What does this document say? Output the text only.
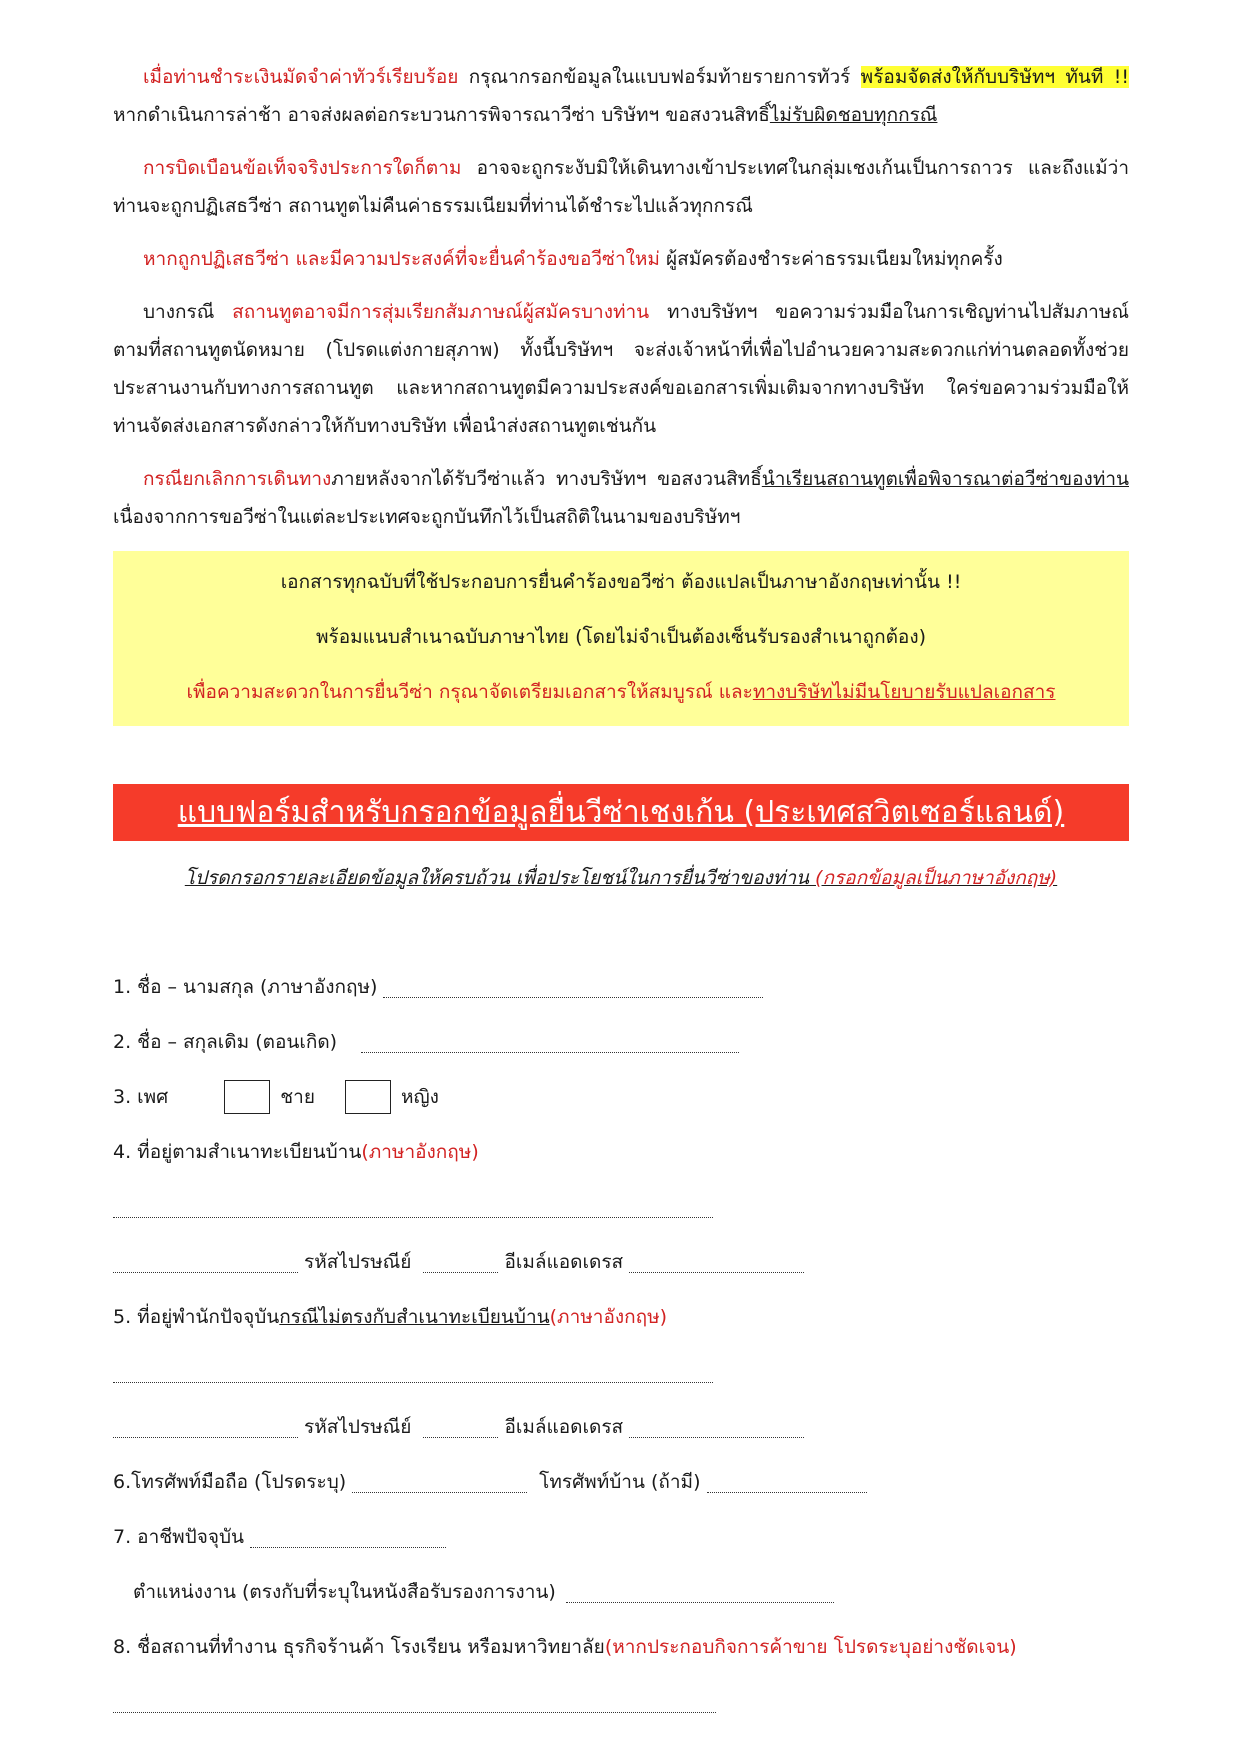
เมื่อท่านชำระเงินมัดจำค่าทัวร์เรียบร้อย กรุณากรอกข้อมูลในแบบฟอร์มท้ายรายการทัวร์ พร้อมจัดส่งให้กับบริษัทฯ ทันที !! หากดำเนินการล่าช้า อาจส่งผลต่อกระบวนการพิจารณาวีซ่า บริษัทฯ ขอสงวนสิทธิ์ไม่รับผิดชอบทุกกรณี

การบิดเบือนข้อเท็จจริงประการใดก็ตาม อาจจะถูกระงับมิให้เดินทางเข้าประเทศในกลุ่มเชงเก้นเป็นการถาวร และถึงแม้ว่าท่านจะถูกปฏิเสธวีซ่า สถานทูตไม่คืนค่าธรรมเนียมที่ท่านได้ชำระไปแล้วทุกกรณี

หากถูกปฏิเสธวีซ่า และมีความประสงค์ที่จะยื่นคำร้องขอวีซ่าใหม่ ผู้สมัครต้องชำระค่าธรรมเนียมใหม่ทุกครั้ง

บางกรณี สถานทูตอาจมีการสุ่มเรียกสัมภาษณ์ผู้สมัครบางท่าน ทางบริษัทฯ ขอความร่วมมือในการเชิญท่านไปสัมภาษณ์ตามที่สถานทูตนัดหมาย (โปรดแต่งกายสุภาพ) ทั้งนี้บริษัทฯ จะส่งเจ้าหน้าที่เพื่อไปอำนวยความสะดวกแก่ท่านตลอดทั้งช่วยประสานงานกับทางการสถานทูต และหากสถานทูตมีความประสงค์ขอเอกสารเพิ่มเติมจากทางบริษัท ใคร่ขอความร่วมมือให้ท่านจัดส่งเอกสารดังกล่าวให้กับทางบริษัท เพื่อนำส่งสถานทูตเช่นกัน

กรณียกเลิกการเดินทางภายหลังจากได้รับวีซ่าแล้ว ทางบริษัทฯ ขอสงวนสิทธิ์นำเรียนสถานทูตเพื่อพิจารณาต่อวีซ่าของท่าน เนื่องจากการขอวีซ่าในแต่ละประเทศจะถูกบันทึกไว้เป็นสถิติในนามของบริษัทฯ

เอกสารทุกฉบับที่ใช้ประกอบการยื่นคำร้องขอวีซ่า ต้องแปลเป็นภาษาอังกฤษเท่านั้น !!
พร้อมแนบสำเนาฉบับภาษาไทย (โดยไม่จำเป็นต้องเซ็นรับรองสำเนาถูกต้อง)
เพื่อความสะดวกในการยื่นวีซ่า กรุณาจัดเตรียมเอกสารให้สมบูรณ์ และทางบริษัทไม่มีนโยบายรับแปลเอกสาร
แบบฟอร์มสำหรับกรอกข้อมูลยื่นวีซ่าเชงเก้น (ประเทศสวิตเซอร์แลนด์)
โปรดกรอกรายละเอียดข้อมูลให้ครบถ้วน เพื่อประโยชน์ในการยื่นวีซ่าของท่าน (กรอกข้อมูลเป็นภาษาอังกฤษ)
1. ชื่อ – นามสกุล (ภาษาอังกฤษ)
2. ชื่อ – สกุลเดิม (ตอนเกิด)
3. เพศ	ชาย	หญิง
4. ที่อยู่ตามสำเนาทะเบียนบ้าน (ภาษาอังกฤษ)
รหัสไปรษณีย์	อีเมล์แอดเดรส
5. ที่อยู่พำนักปัจจุบัน กรณีไม่ตรงกับสำเนาทะเบียนบ้าน (ภาษาอังกฤษ)
รหัสไปรษณีย์	อีเมล์แอดเดรส
6.โทรศัพท์มือถือ (โปรดระบุ)	โทรศัพท์บ้าน (ถ้ามี)
7. อาชีพปัจจุบัน
ตำแหน่งงาน (ตรงกับที่ระบุในหนังสือรับรองการงาน)
8. ชื่อสถานที่ทำงาน ธุรกิจร้านค้า โรงเรียน หรือมหาวิทยาลัย (หากประกอบกิจการค้าขาย โปรดระบุอย่างชัดเจน)
